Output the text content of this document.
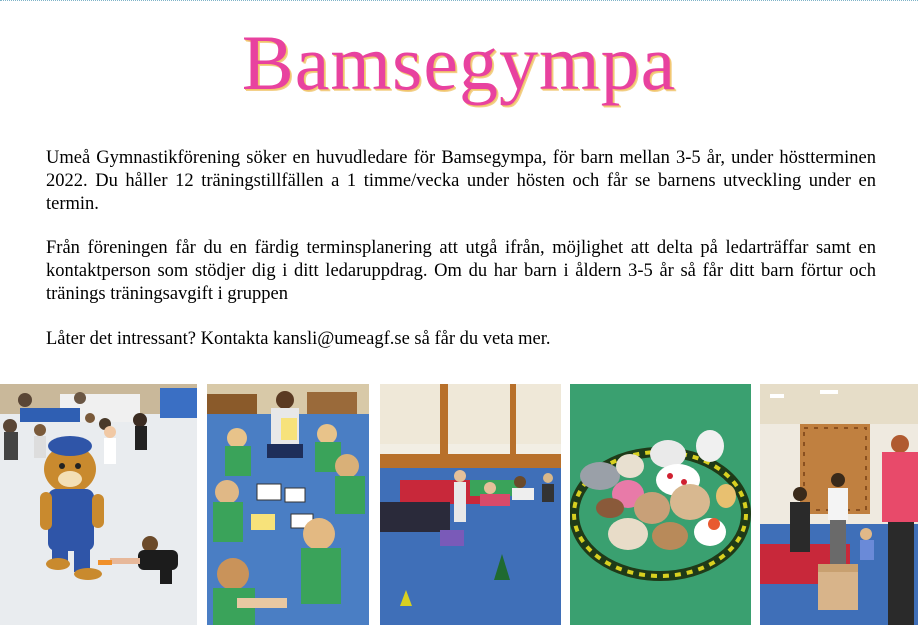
Bamsegympa

Umeå Gymnastikförening söker en huvudledare för Bamsegympa, för barn mellan 3-5 år, under höstterminen 2022. Du håller 12 träningstillfällen a 1 timme/vecka under hösten och får se barnens utveckling under en termin.

Från föreningen får du en färdig terminsplanering att utgå ifrån, möjlighet att delta på ledarträffar samt en kontaktperson som stödjer dig i ditt ledaruppdrag. Om du har barn i åldern 3-5 år så får ditt barn förtur och tränings träningsavgift i gruppen

Låter det intressant? Kontakta kansli@umeagf.se så får du veta mer.
